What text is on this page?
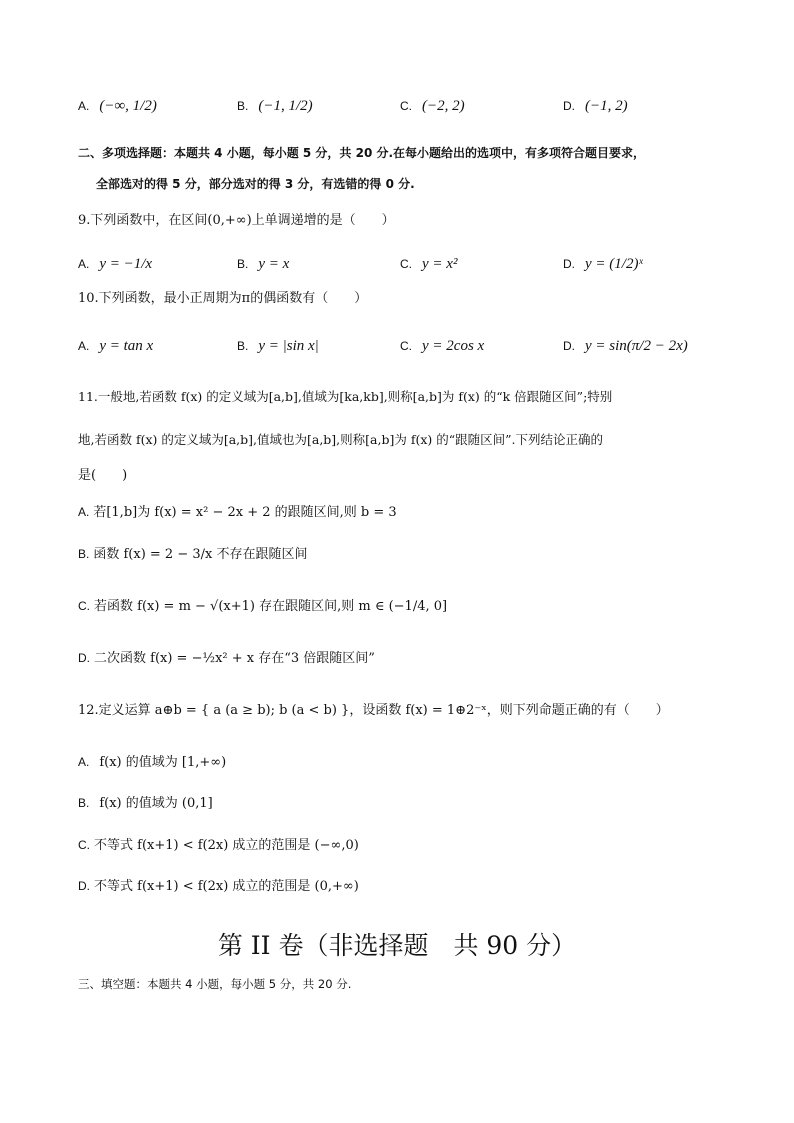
A. (−∞, 1/2)	B. (−1, 1/2)	C. (−2, 2)	D. (−1, 2)
二、多项选择题：本题共 4 小题，每小题 5 分，共 20 分.在每小题给出的选项中，有多项符合题目要求，
全部选对的得 5 分，部分选对的得 3 分，有选错的得 0 分.
9.下列函数中，在区间(0,+∞)上单调递增的是（　　）
A. y = −1/x	B. y = x	C. y = x²	D. y = (1/2)ˣ
10.下列函数，最小正周期为π的偶函数有（　　）
A. y = tan x	B. y = |sin x|	C. y = 2cos x	D. y = sin(π/2 − 2x)
11.一般地,若函数 f(x) 的定义域为[a,b],值域为[ka,kb],则称[a,b]为 f(x) 的“k 倍跟随区间”;特别
地,若函数 f(x) 的定义域为[a,b],值域也为[a,b],则称[a,b]为 f(x) 的“跟随区间”.下列结论正确的
是(　　)
A. 若[1,b]为 f(x) = x² − 2x + 2 的跟随区间,则 b = 3
B. 函数 f(x) = 2 − 3/x 不存在跟随区间
C. 若函数 f(x) = m − √(x+1) 存在跟随区间,则 m ∈ (−1/4, 0]
D. 二次函数 f(x) = −½x² + x 存在“3 倍跟随区间”
12.定义运算 a⊕b = { a (a ≥ b); b (a < b) }，设函数 f(x) = 1⊕2⁻ˣ，则下列命题正确的有（　　）
A. f(x) 的值域为 [1,+∞)
B. f(x) 的值域为 (0,1]
C. 不等式 f(x+1) < f(2x) 成立的范围是 (−∞,0)
D. 不等式 f(x+1) < f(2x) 成立的范围是 (0,+∞)
第 II 卷（非选择题　共 90 分）
三、填空题：本题共 4 小题，每小题 5 分，共 20 分.
